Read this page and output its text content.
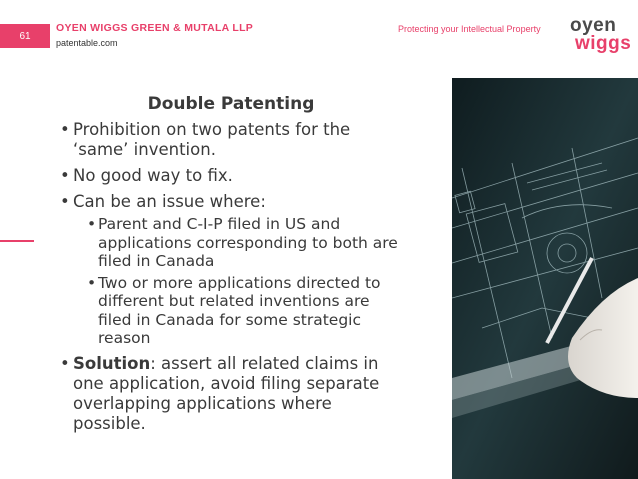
61
OYEN WIGGS GREEN & MUTALA LLP
patentable.com
Protecting your Intellectual Property oyen
wiggs
Double Patenting
• Prohibition on two patents for the ‘same’ invention.
• No good way to fix.
• Can be an issue where:
• Parent and C-I-P filed in US and applications corresponding to both are filed in Canada
• Two or more applications directed to different but related inventions are filed in Canada for some strategic reason
• Solution: assert all related claims in one application, avoid filing separate overlapping applications where possible.
